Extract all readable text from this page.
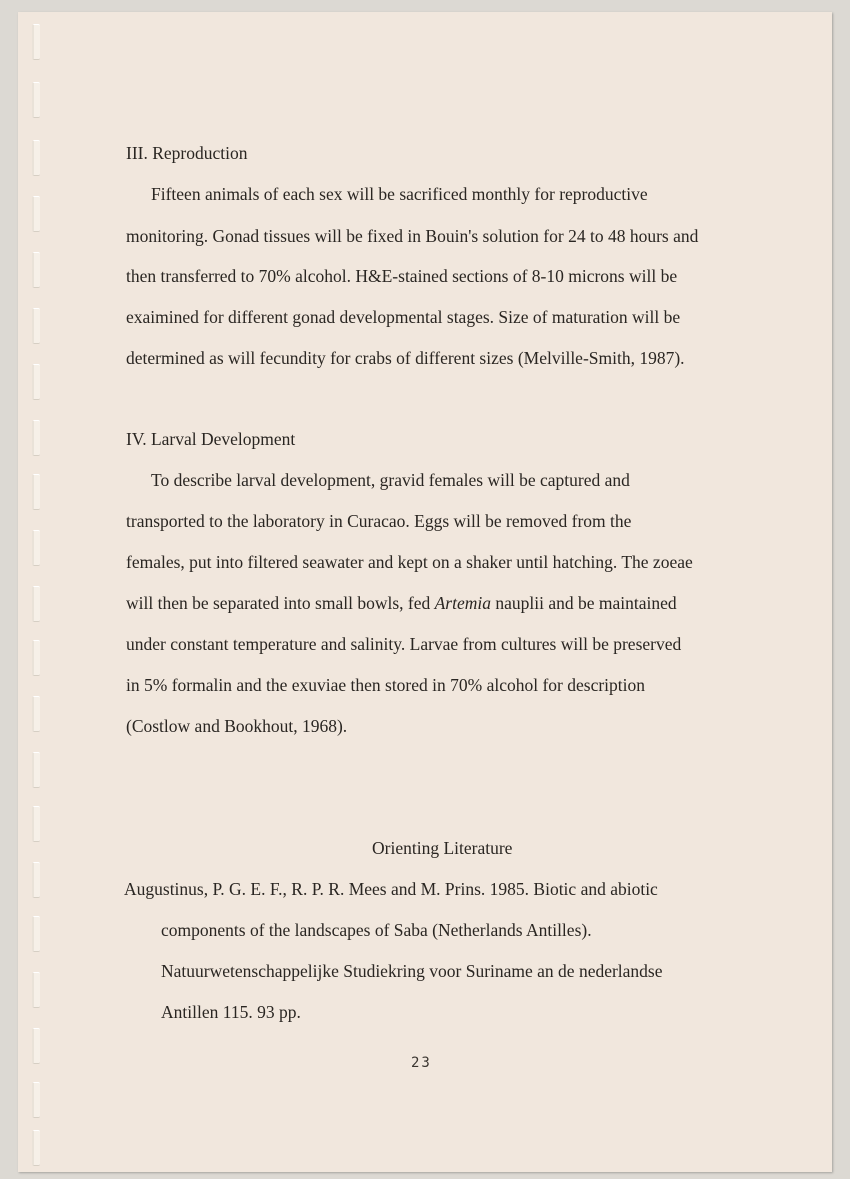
III. Reproduction
Fifteen animals of each sex will be sacrificed monthly for reproductive
monitoring. Gonad tissues will be fixed in Bouin's solution for 24 to 48 hours and
then transferred to 70% alcohol. H&E-stained sections of 8-10 microns will be
exaimined for different gonad developmental stages. Size of maturation will be
determined as will fecundity for crabs of different sizes (Melville-Smith, 1987).
IV. Larval Development
To describe larval development, gravid females will be captured and
transported to the laboratory in Curacao. Eggs will be removed from the
females, put into filtered seawater and kept on a shaker until hatching. The zoeae
will then be separated into small bowls, fed Artemia nauplii and be maintained
under constant temperature and salinity. Larvae from cultures will be preserved
in 5% formalin and the exuviae then stored in 70% alcohol for description
(Costlow and Bookhout, 1968).
Orienting Literature
Augustinus, P. G. E. F., R. P. R. Mees and M. Prins. 1985. Biotic and abiotic
components of the landscapes of Saba (Netherlands Antilles).
Natuurwetenschappelijke Studiekring voor Suriname an de nederlandse
Antillen 115. 93 pp.
23
